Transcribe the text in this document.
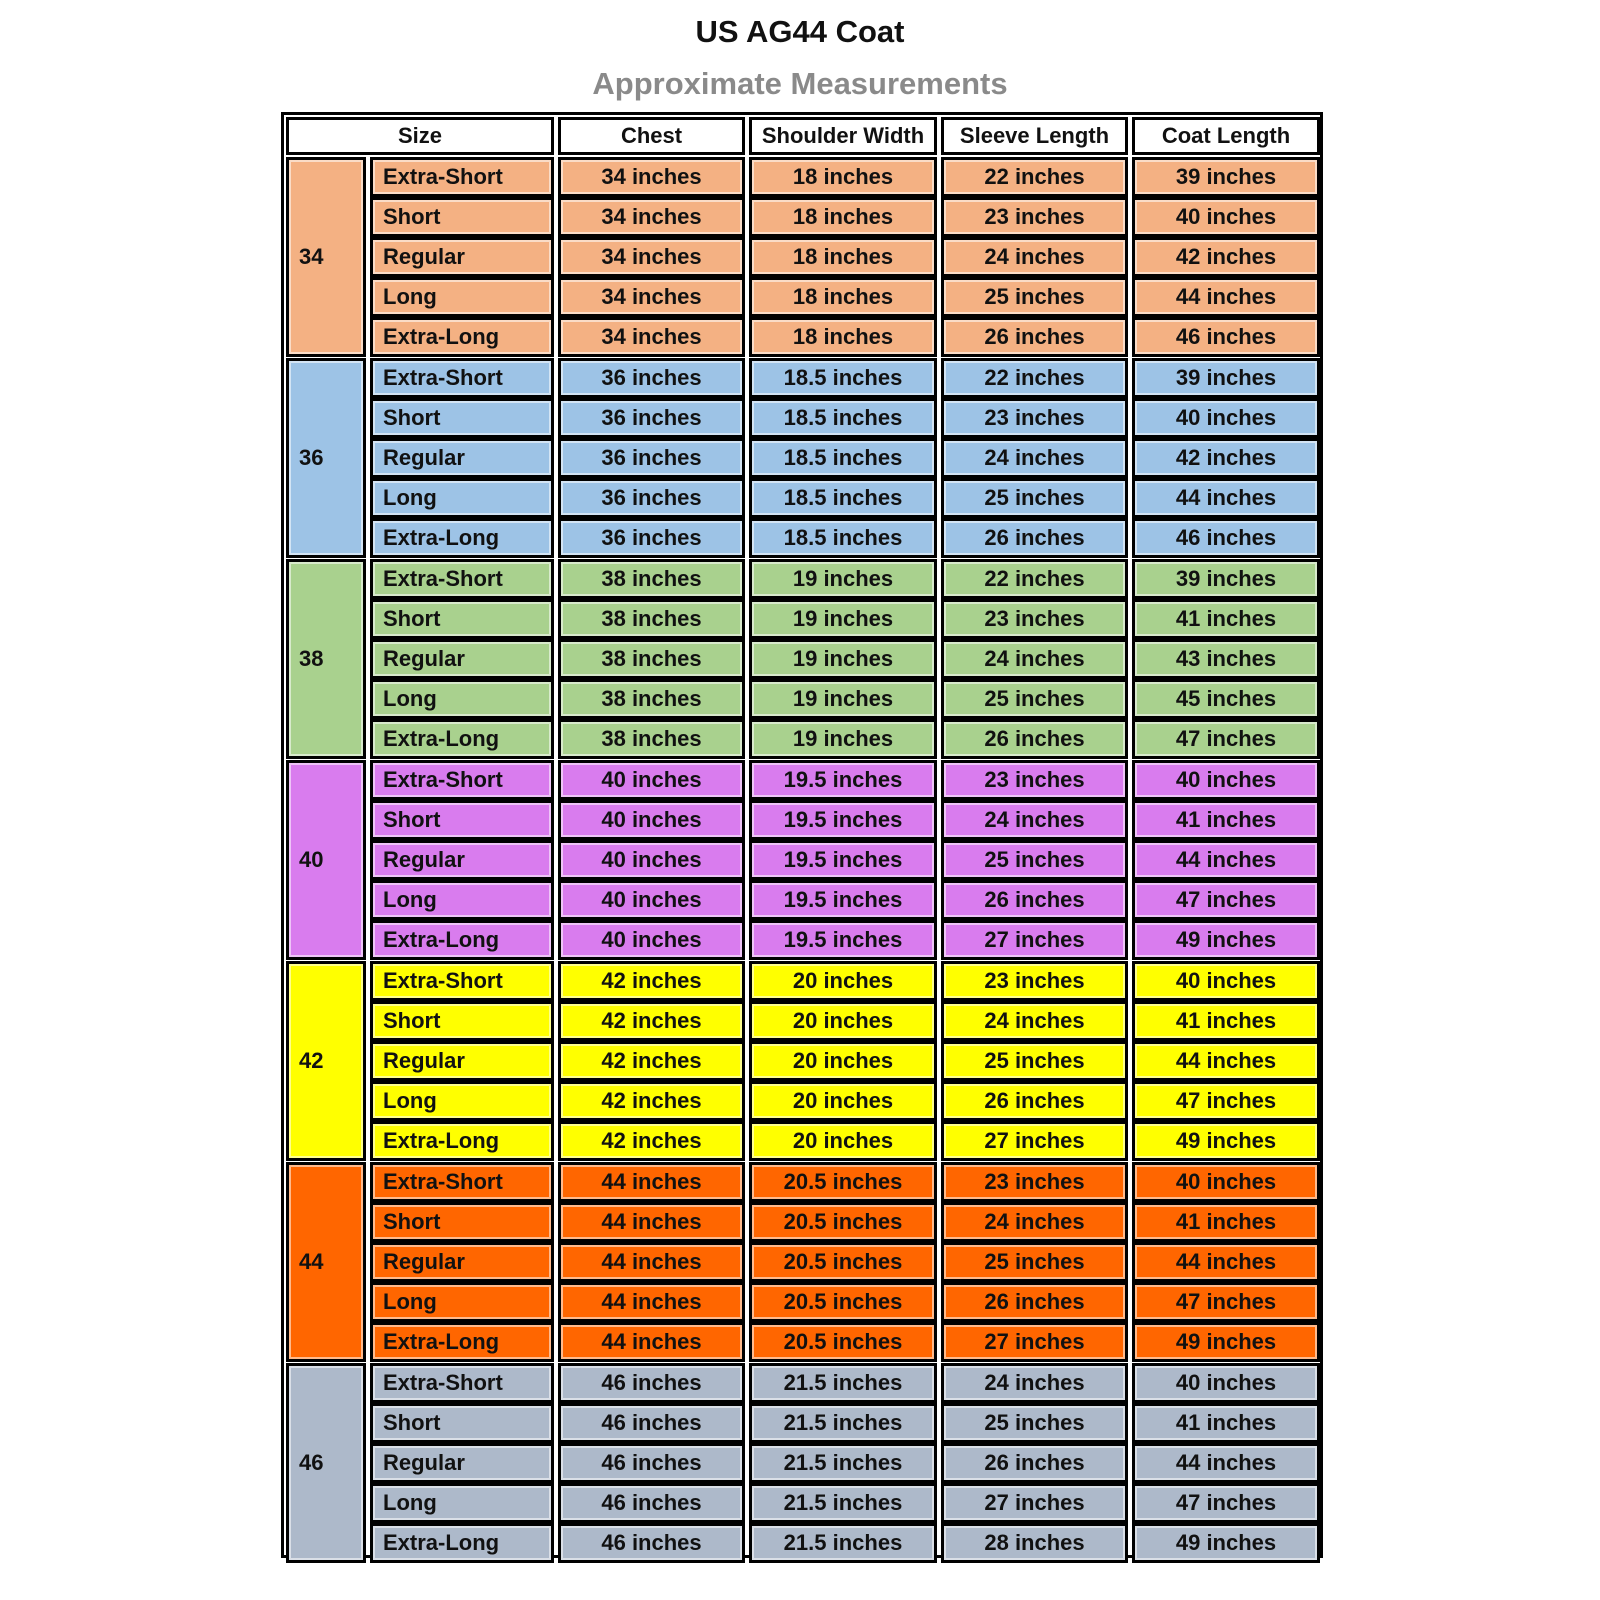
US AG44 Coat
Approximate Measurements
Size	Chest	Shoulder Width	Sleeve Length	Coat Length
34
Extra-Short	34 inches	18 inches	22 inches	39 inches
Short	34 inches	18 inches	23 inches	40 inches
Regular	34 inches	18 inches	24 inches	42 inches
Long	34 inches	18 inches	25 inches	44 inches
Extra-Long	34 inches	18 inches	26 inches	46 inches
36
Extra-Short	36 inches	18.5 inches	22 inches	39 inches
Short	36 inches	18.5 inches	23 inches	40 inches
Regular	36 inches	18.5 inches	24 inches	42 inches
Long	36 inches	18.5 inches	25 inches	44 inches
Extra-Long	36 inches	18.5 inches	26 inches	46 inches
38
Extra-Short	38 inches	19 inches	22 inches	39 inches
Short	38 inches	19 inches	23 inches	41 inches
Regular	38 inches	19 inches	24 inches	43 inches
Long	38 inches	19 inches	25 inches	45 inches
Extra-Long	38 inches	19 inches	26 inches	47 inches
40
Extra-Short	40 inches	19.5 inches	23 inches	40 inches
Short	40 inches	19.5 inches	24 inches	41 inches
Regular	40 inches	19.5 inches	25 inches	44 inches
Long	40 inches	19.5 inches	26 inches	47 inches
Extra-Long	40 inches	19.5 inches	27 inches	49 inches
42
Extra-Short	42 inches	20 inches	23 inches	40 inches
Short	42 inches	20 inches	24 inches	41 inches
Regular	42 inches	20 inches	25 inches	44 inches
Long	42 inches	20 inches	26 inches	47 inches
Extra-Long	42 inches	20 inches	27 inches	49 inches
44
Extra-Short	44 inches	20.5 inches	23 inches	40 inches
Short	44 inches	20.5 inches	24 inches	41 inches
Regular	44 inches	20.5 inches	25 inches	44 inches
Long	44 inches	20.5 inches	26 inches	47 inches
Extra-Long	44 inches	20.5 inches	27 inches	49 inches
46
Extra-Short	46 inches	21.5 inches	24 inches	40 inches
Short	46 inches	21.5 inches	25 inches	41 inches
Regular	46 inches	21.5 inches	26 inches	44 inches
Long	46 inches	21.5 inches	27 inches	47 inches
Extra-Long	46 inches	21.5 inches	28 inches	49 inches
